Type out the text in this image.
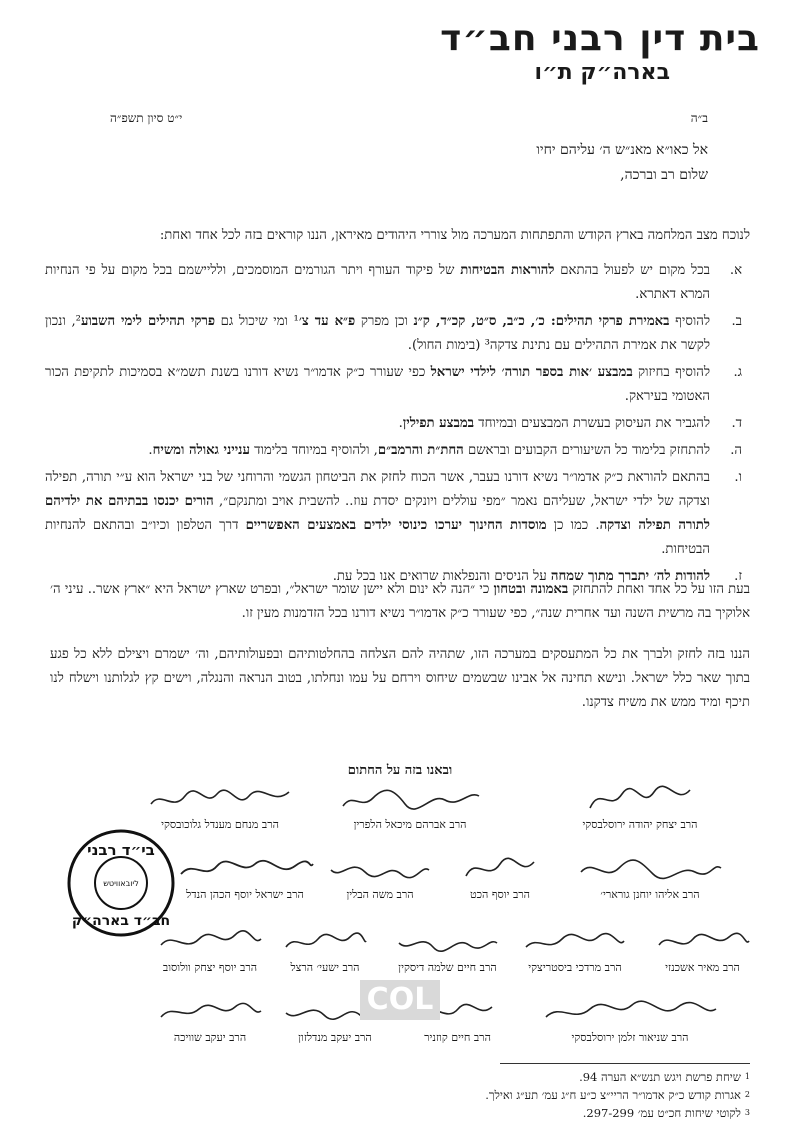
בית דין רבני חב״ד
בארה״ק ת״ו
ב״ה
י״ט סיון תשפ״ה
אל כאו״א מאנ״ש ה׳ עליהם יחיו
שלום רב וברכה,
לנוכח מצב המלחמה בארץ הקודש והתפתחות המערכה מול צוררי היהודים מאיראן, הננו קוראים בזה לכל אחד ואחת:
א.
בכל מקום יש לפעול בהתאם להוראות הבטיחות של פיקוד העורף ויתר הגורמים המוסמכים, ולליישמם בכל מקום על פי הנחיות המרא דאתרא.
ב.
להוסיף באמירת פרקי תהילים: כ׳, כ״ב, ס״ט, קכ״ד, ק״נ וכן מפרק פ״א עד צ׳¹ ומי שיכול גם פרקי תהילים לימי השבוע², ונכון לקשר את אמירת התהילים עם נתינת צדקה³ (בימות החול).
ג.
להוסיף בחיזוק במבצע ׳אות בספר תורה׳ לילדי ישראל כפי שעורר כ״ק אדמו״ר נשיא דורנו בשנת תשמ״א בסמיכות לתקיפת הכור האטומי בעיראק.
ד.
להגביר את העיסוק בעשרת המבצעים ובמיוחד במבצע תפילין.
ה.
להתחזק בלימוד כל השיעורים הקבועים ובראשם החת״ת והרמב״ם, ולהוסיף במיוחד בלימוד ענייני גאולה ומשיח.
ו.
בהתאם להוראת כ״ק אדמו״ר נשיא דורנו בעבר, אשר הכוח לחזק את הביטחון הגשמי והרוחני של בני ישראל הוא ע״י תורה, תפילה וצדקה של ילדי ישראל, שעליהם נאמר ״מפי עוללים ויונקים יסדת עוז.. להשבית אויב ומתנקם״, הורים יכנסו בבתיהם את ילדיהם לתורה תפילה וצדקה. כמו כן מוסדות החינוך יערכו כינוסי ילדים באמצעים האפשריים דרך הטלפון וכיו״ב ובהתאם להנחיות הבטיחות.
ז.
להודות לה׳ יתברך מתוך שמחה על הניסים והנפלאות שרואים אנו בכל עת.
בעת הזו על כל אחד ואחת להתחזק באמונה ובטחון כי ״הנה לא ינום ולא יישן שומר ישראל״, ובפרט שארץ ישראל היא ״ארץ אשר.. עיני ה׳ אלוקיך בה מרשית השנה ועד אחרית שנה״, כפי שעורר כ״ק אדמו״ר נשיא דורנו בכל הזדמנות מעין זו.
הננו בזה לחזק ולברך את כל המתעסקים במערכה הזו, שתהיה להם הצלחה בהחלטותיהם ובפעולותיהם, וה׳ ישמרם ויצילם ללא כל פגע בתוך שאר כלל ישראל. ונישא תחינה אל אבינו שבשמים שיחוס וירחם על עמו ונחלתו, בטוב הנראה והנגלה, וישים קץ לגלותנו וישלח לנו תיכף ומיד ממש את משיח צדקנו.
ובאנו בזה על החתום
הרב יצחק יהודה ירוסלבסקי
הרב אברהם מיכאל הלפרין
הרב מנחם מענדל גלוכובסקי
הרב אליהו יוחנן גורארי׳
הרב יוסף הכט
הרב משה הבלין
הרב ישראל יוסף הכהן הנדל
הרב מאיר אשכנזי
הרב מרדכי ביסטריצקי
הרב חיים שלמה דיסקין
הרב ישעי׳ הרצל
הרב יוסף יצחק וולוסוב
הרב שניאור זלמן ירוסלבסקי
הרב חיים קוזניר
הרב יעקב מנדלזון
הרב יעקב שוויכה
בי״ד רבני
ליובאוויטש
חב״ד בארה״ק
COL
1
שיחת פרשת ויגש תנש״א הערה 94.
2
אגרות קודש כ״ק אדמו״ר הריי״צ כ״ע ח״ג עמ׳ תע״ג ואילך.
3
לקוטי שיחות חכ״ט עמ׳ 297-299.
